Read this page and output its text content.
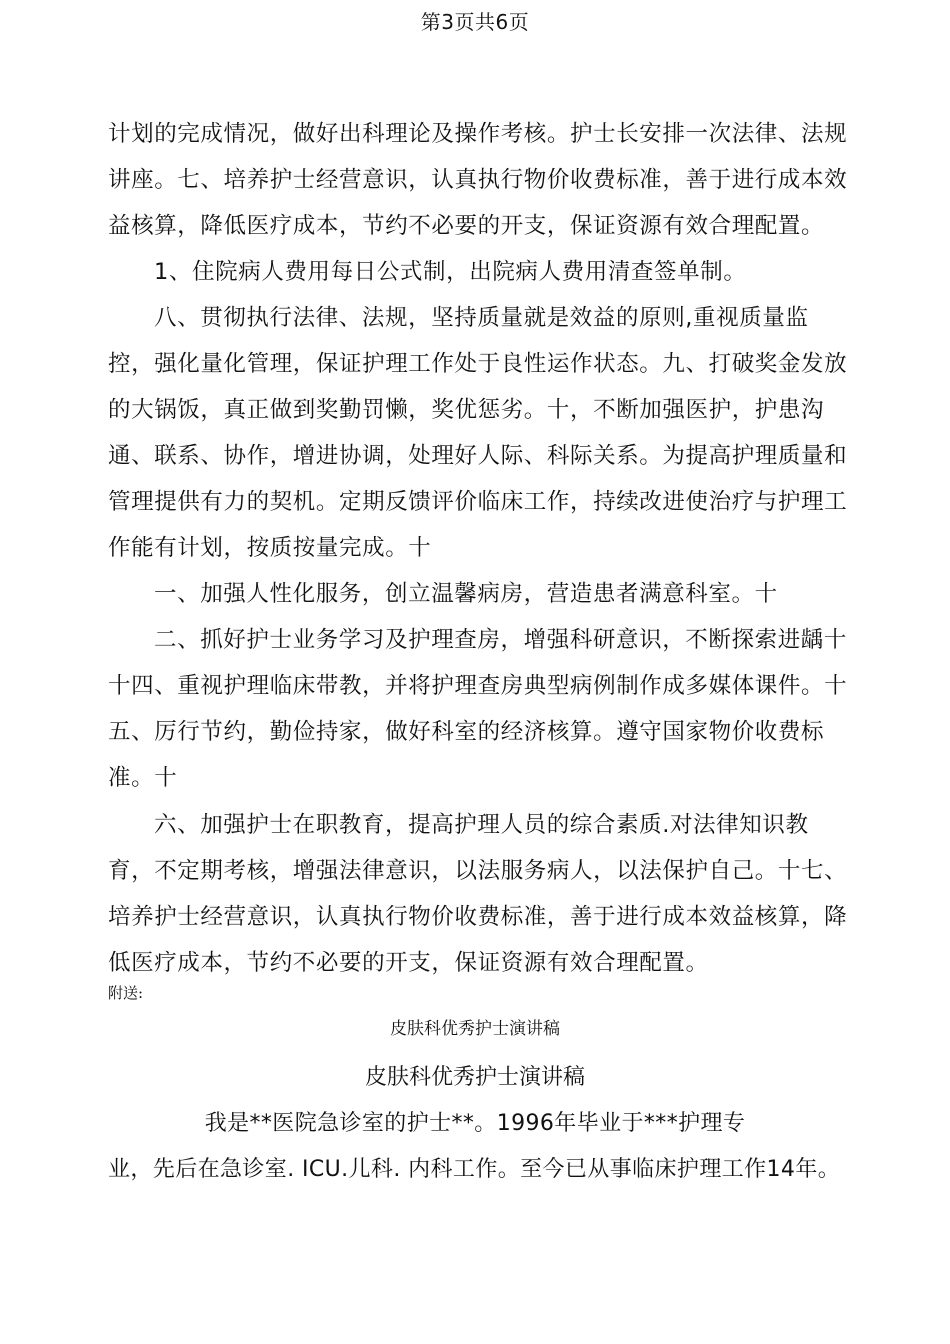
第3页共6页

计划的完成情况，做好出科理论及操作考核。护士长安排一次法律、法规讲座。七、培养护士经营意识，认真执行物价收费标准，善于进行成本效益核算，降低医疗成本，节约不必要的开支，保证资源有效合理配置。

1、住院病人费用每日公式制，出院病人费用清查签单制。

八、贯彻执行法律、法规，坚持质量就是效益的原则,重视质量监控，强化量化管理，保证护理工作处于良性运作状态。九、打破奖金发放的大锅饭，真正做到奖勤罚懒，奖优惩劣。十，不断加强医护，护患沟通、联系、协作，增进协调，处理好人际、科际关系。为提高护理质量和管理提供有力的契机。定期反馈评价临床工作，持续改进使治疗与护理工作能有计划，按质按量完成。十

一、加强人性化服务，创立温馨病房，营造患者满意科室。十

二、抓好护士业务学习及护理查房，增强科研意识，不断探索进龋十十四、重视护理临床带教，并将护理查房典型病例制作成多媒体课件。十五、厉行节约，勤俭持家，做好科室的经济核算。遵守国家物价收费标准。十

六、加强护士在职教育，提高护理人员的综合素质.对法律知识教育，不定期考核，增强法律意识，以法服务病人，以法保护自己。十七、培养护士经营意识，认真执行物价收费标准，善于进行成本效益核算，降低医疗成本，节约不必要的开支，保证资源有效合理配置。

附送:
皮肤科优秀护士演讲稿
皮肤科优秀护士演讲稿
我是**医院急诊室的护士**。1996年毕业于***护理专
业，先后在急诊室. ICU.儿科. 内科工作。至今已从事临床护理工作14年。
